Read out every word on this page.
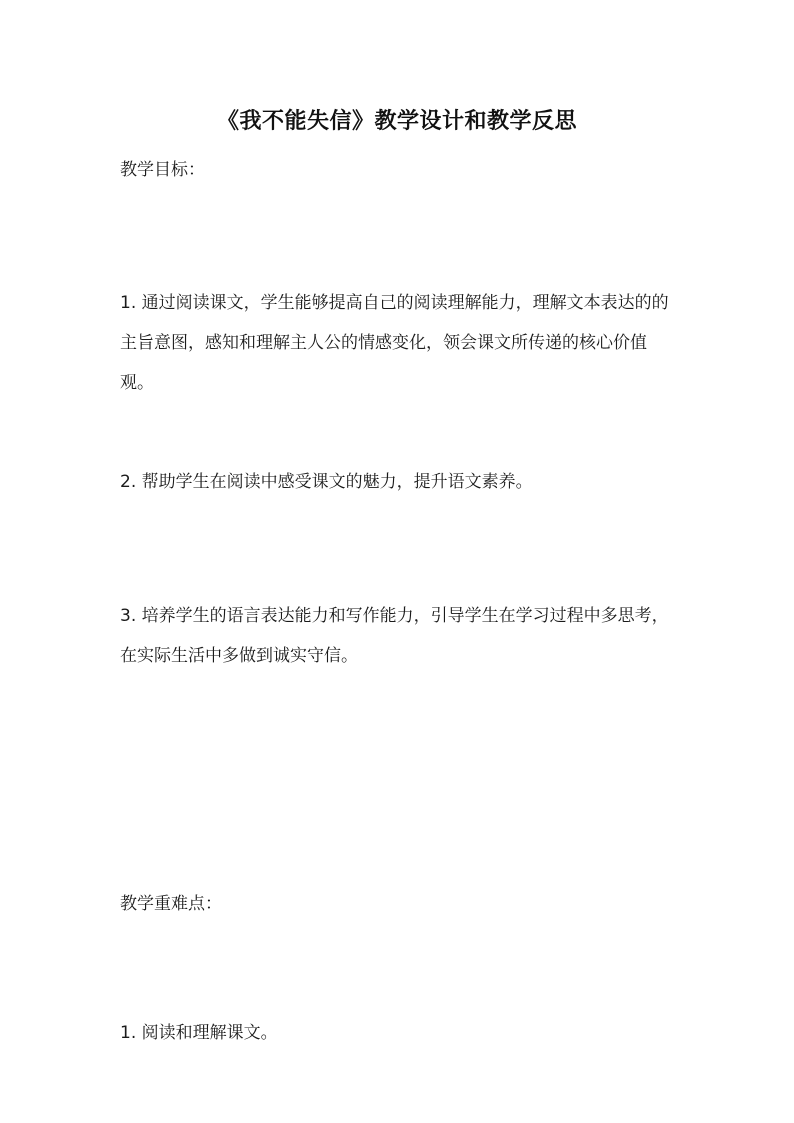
《我不能失信》教学设计和教学反思
教学目标：
1. 通过阅读课文，学生能够提高自己的阅读理解能力，理解文本表达的的主旨意图，感知和理解主人公的情感变化，领会课文所传递的核心价值观。
2. 帮助学生在阅读中感受课文的魅力，提升语文素养。
3. 培养学生的语言表达能力和写作能力，引导学生在学习过程中多思考，在实际生活中多做到诚实守信。
教学重难点：
1. 阅读和理解课文。
